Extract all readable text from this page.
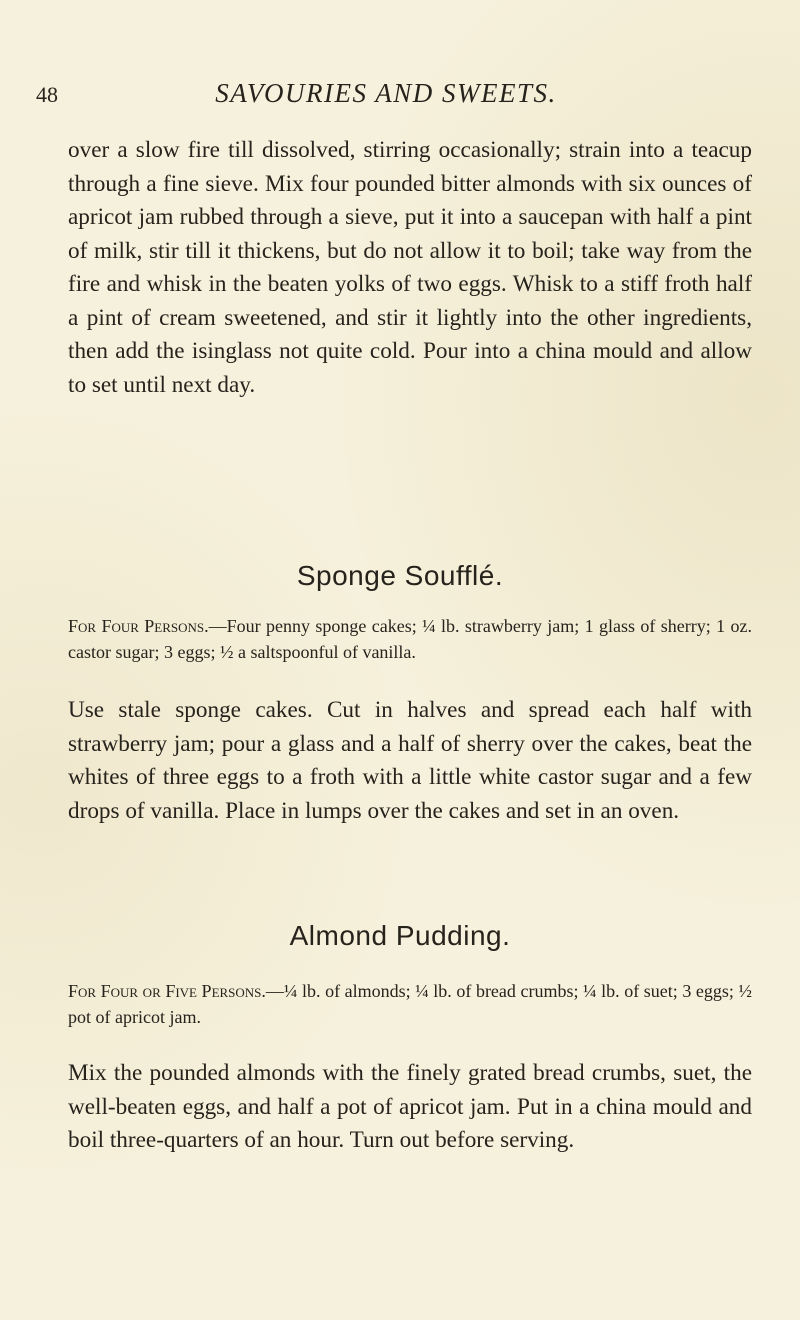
48	SAVOURIES AND SWEETS.

over a slow fire till dissolved, stirring occasionally; strain into a teacup through a fine sieve. Mix four pounded bitter almonds with six ounces of apricot jam rubbed through a sieve, put it into a saucepan with half a pint of milk, stir till it thickens, but do not allow it to boil; take way from the fire and whisk in the beaten yolks of two eggs. Whisk to a stiff froth half a pint of cream sweetened, and stir it lightly into the other ingredients, then add the isinglass not quite cold. Pour into a china mould and allow to set until next day.

Sponge Soufflé.

For Four Persons.—Four penny sponge cakes; ¼ lb. strawberry jam; 1 glass of sherry; 1 oz. castor sugar; 3 eggs; ½ a saltspoonful of vanilla.

Use stale sponge cakes. Cut in halves and spread each half with strawberry jam; pour a glass and a half of sherry over the cakes, beat the whites of three eggs to a froth with a little white castor sugar and a few drops of vanilla. Place in lumps over the cakes and set in an oven.

Almond Pudding.

For Four or Five Persons.—¼ lb. of almonds; ¼ lb. of bread crumbs; ¼ lb. of suet; 3 eggs; ½ pot of apricot jam.

Mix the pounded almonds with the finely grated bread crumbs, suet, the well-beaten eggs, and half a pot of apricot jam. Put in a china mould and boil three-quarters of an hour. Turn out before serving.
